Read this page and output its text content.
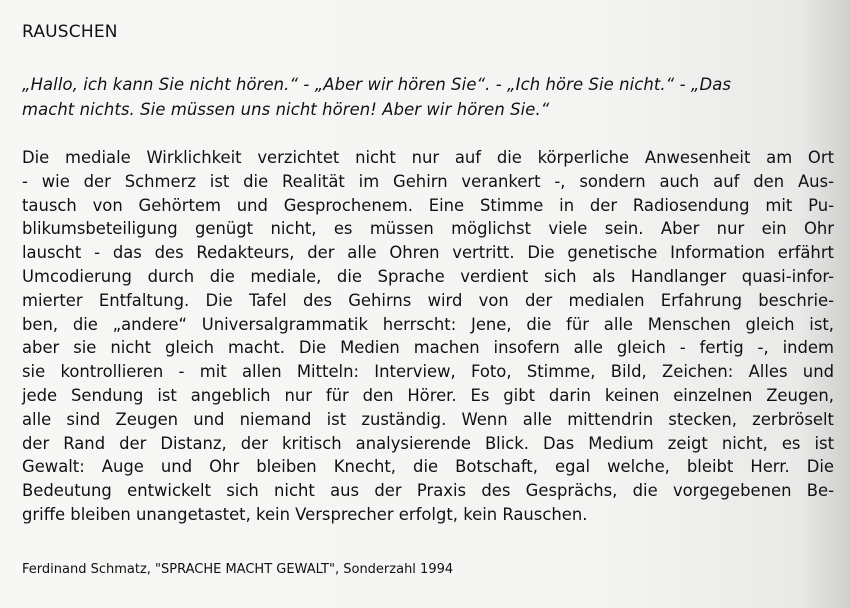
RAUSCHEN
„Hallo, ich kann Sie nicht hören.“ - „Aber wir hören Sie“. - „Ich höre Sie nicht.“ - „Das
macht nichts. Sie müssen uns nicht hören! Aber wir hören Sie.“
Die mediale Wirklichkeit verzichtet nicht nur auf die körperliche Anwesenheit am Ort
- wie der Schmerz ist die Realität im Gehirn verankert -, sondern auch auf den Aus-
tausch von Gehörtem und Gesprochenem. Eine Stimme in der Radiosendung mit Pu-
blikumsbeteiligung genügt nicht, es müssen möglichst viele sein. Aber nur ein Ohr
lauscht - das des Redakteurs, der alle Ohren vertritt. Die genetische Information erfährt
Umcodierung durch die mediale, die Sprache verdient sich als Handlanger quasi-infor-
mierter Entfaltung. Die Tafel des Gehirns wird von der medialen Erfahrung beschrie-
ben, die „andere“ Universalgrammatik herrscht: Jene, die für alle Menschen gleich ist,
aber sie nicht gleich macht. Die Medien machen insofern alle gleich - fertig -, indem
sie kontrollieren - mit allen Mitteln: Interview, Foto, Stimme, Bild, Zeichen: Alles und
jede Sendung ist angeblich nur für den Hörer. Es gibt darin keinen einzelnen Zeugen,
alle sind Zeugen und niemand ist zuständig. Wenn alle mittendrin stecken, zerbröselt
der Rand der Distanz, der kritisch analysierende Blick. Das Medium zeigt nicht, es ist
Gewalt: Auge und Ohr bleiben Knecht, die Botschaft, egal welche, bleibt Herr. Die
Bedeutung entwickelt sich nicht aus der Praxis des Gesprächs, die vorgegebenen Be-
griffe bleiben unangetastet, kein Versprecher erfolgt, kein Rauschen.
Ferdinand Schmatz, "SPRACHE MACHT GEWALT", Sonderzahl 1994
